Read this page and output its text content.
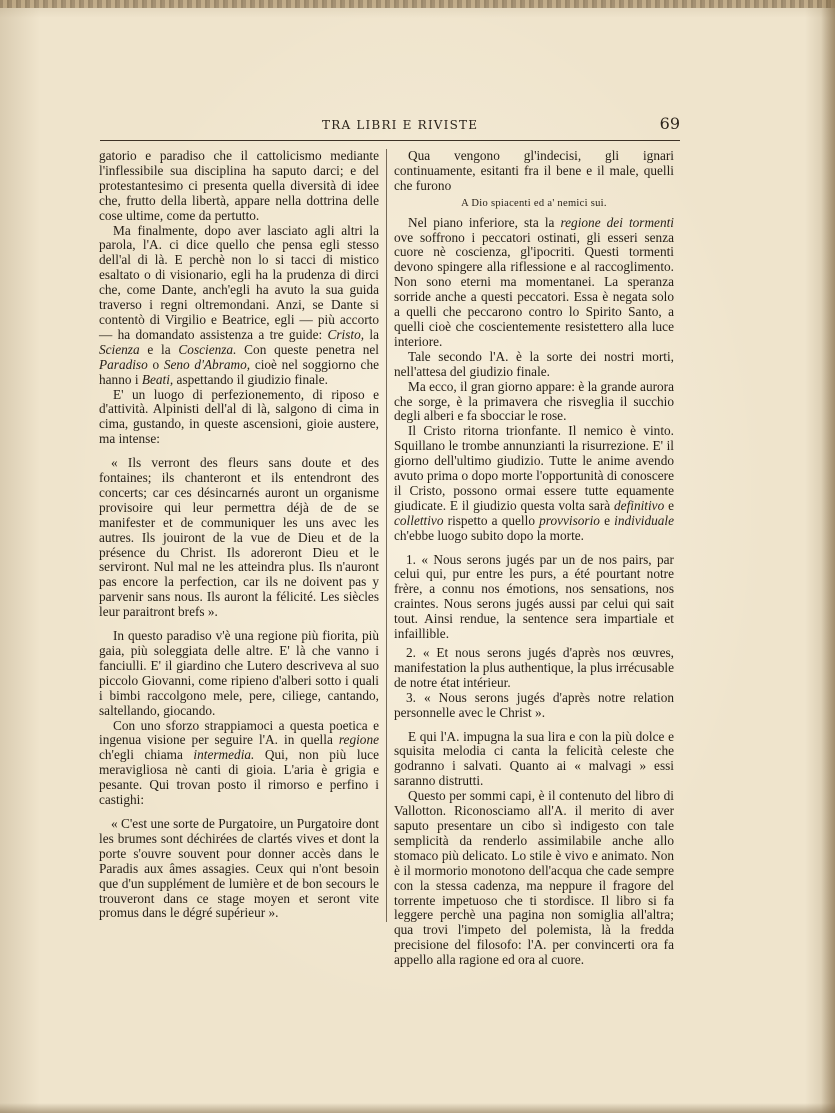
TRA LIBRI E RIVISTE	69

gatorio e paradiso che il cattolicismo mediante l'inflessibile sua disciplina ha saputo darci; e del protestantesimo ci presenta quella diversità di idee che, frutto della libertà, appare nella dottrina delle cose ultime, come da pertutto.

Ma finalmente, dopo aver lasciato agli altri la parola, l'A. ci dice quello che pensa egli stesso dell'al di là. E perchè non lo si tacci di mistico esaltato o di visionario, egli ha la prudenza di dirci che, come Dante, anch'egli ha avuto la sua guida traverso i regni oltremondani. Anzi, se Dante si contentò di Virgilio e Beatrice, egli — più accorto — ha domandato assistenza a tre guide: Cristo, la Scienza e la Coscienza. Con queste penetra nel Paradiso o Seno d'Abramo, cioè nel soggiorno che hanno i Beati, aspettando il giudizio finale.

E' un luogo di perfezionemento, di riposo e d'attività. Alpinisti dell'al di là, salgono di cima in cima, gustando, in queste ascensioni, gioie austere, ma intense:

« Ils verront des fleurs sans doute et des fontaines; ils chanteront et ils entendront des concerts; car ces désincarnés auront un organisme provisoire qui leur permettra déjà de de se manifester et de communiquer les uns avec les autres. Ils jouiront de la vue de Dieu et de la présence du Christ. Ils adoreront Dieu et le serviront. Nul mal ne les atteindra plus. Ils n'auront pas encore la perfection, car ils ne doivent pas y parvenir sans nous. Ils auront la félicité. Les siècles leur paraitront brefs ».

In questo paradiso v'è una regione più fiorita, più gaia, più soleggiata delle altre. E' là che vanno i fanciulli. E' il giardino che Lutero descriveva al suo piccolo Giovanni, come ripieno d'alberi sotto i quali i bimbi raccolgono mele, pere, ciliege, cantando, saltellando, giocando.

Con uno sforzo strappiamoci a questa poetica e ingenua visione per seguire l'A. in quella regione ch'egli chiama intermedia. Qui, non più luce meravigliosa nè canti di gioia. L'aria è grigia e pesante. Qui trovan posto il rimorso e perfino i castighi:

« C'est une sorte de Purgatoire, un Purgatoire dont les brumes sont déchirées de clartés vives et dont la porte s'ouvre souvent pour donner accès dans le Paradis aux âmes assagies. Ceux qui n'ont besoin que d'un supplément de lumière et de bon secours le trouveront dans ce stage moyen et seront vite promus dans le dégré supérieur ».

Qua vengono gl'indecisi, gli ignari continuamente, esitanti fra il bene e il male, quelli che furono

A Dio spiacenti ed a' nemici sui.

Nel piano inferiore, sta la regione dei tormenti ove soffrono i peccatori ostinati, gli esseri senza cuore nè coscienza, gl'ipocriti. Questi tormenti devono spingere alla riflessione e al raccoglimento. Non sono eterni ma momentanei. La speranza sorride anche a questi peccatori. Essa è negata solo a quelli che peccarono contro lo Spirito Santo, a quelli cioè che coscientemente resistettero alla luce interiore.

Tale secondo l'A. è la sorte dei nostri morti, nell'attesa del giudizio finale.

Ma ecco, il gran giorno appare: è la grande aurora che sorge, è la primavera che risveglia il succhio degli alberi e fa sbocciar le rose.

Il Cristo ritorna trionfante. Il nemico è vinto. Squillano le trombe annunzianti la risurrezione. E' il giorno dell'ultimo giudizio. Tutte le anime avendo avuto prima o dopo morte l'opportunità di conoscere il Cristo, possono ormai essere tutte equamente giudicate. E il giudizio questa volta sarà definitivo e collettivo rispetto a quello provvisorio e individuale ch'ebbe luogo subito dopo la morte.

1. « Nous serons jugés par un de nos pairs, par celui qui, pur entre les purs, a été pourtant notre frère, a connu nos émotions, nos sensations, nos craintes. Nous serons jugés aussi par celui qui sait tout. Ainsi rendue, la sentence sera impartiale et infaillible.

2. « Et nous serons jugés d'après nos œuvres, manifestation la plus authentique, la plus irrécusable de notre état intérieur.

3. « Nous serons jugés d'après notre relation personnelle avec le Christ ».

E qui l'A. impugna la sua lira e con la più dolce e squisita melodia ci canta la felicità celeste che godranno i salvati. Quanto ai « malvagi » essi saranno distrutti.

Questo per sommi capi, è il contenuto del libro di Vallotton. Riconosciamo all'A. il merito di aver saputo presentare un cibo sì indigesto con tale semplicità da renderlo assimilabile anche allo stomaco più delicato. Lo stile è vivo e animato. Non è il mormorio monotono dell'acqua che cade sempre con la stessa cadenza, ma neppure il fragore del torrente impetuoso che ti stordisce. Il libro si fa leggere perchè una pagina non somiglia all'altra; qua trovi l'impeto del polemista, là la fredda precisione del filosofo: l'A. per convincerti ora fa appello alla ragione ed ora al cuore.
